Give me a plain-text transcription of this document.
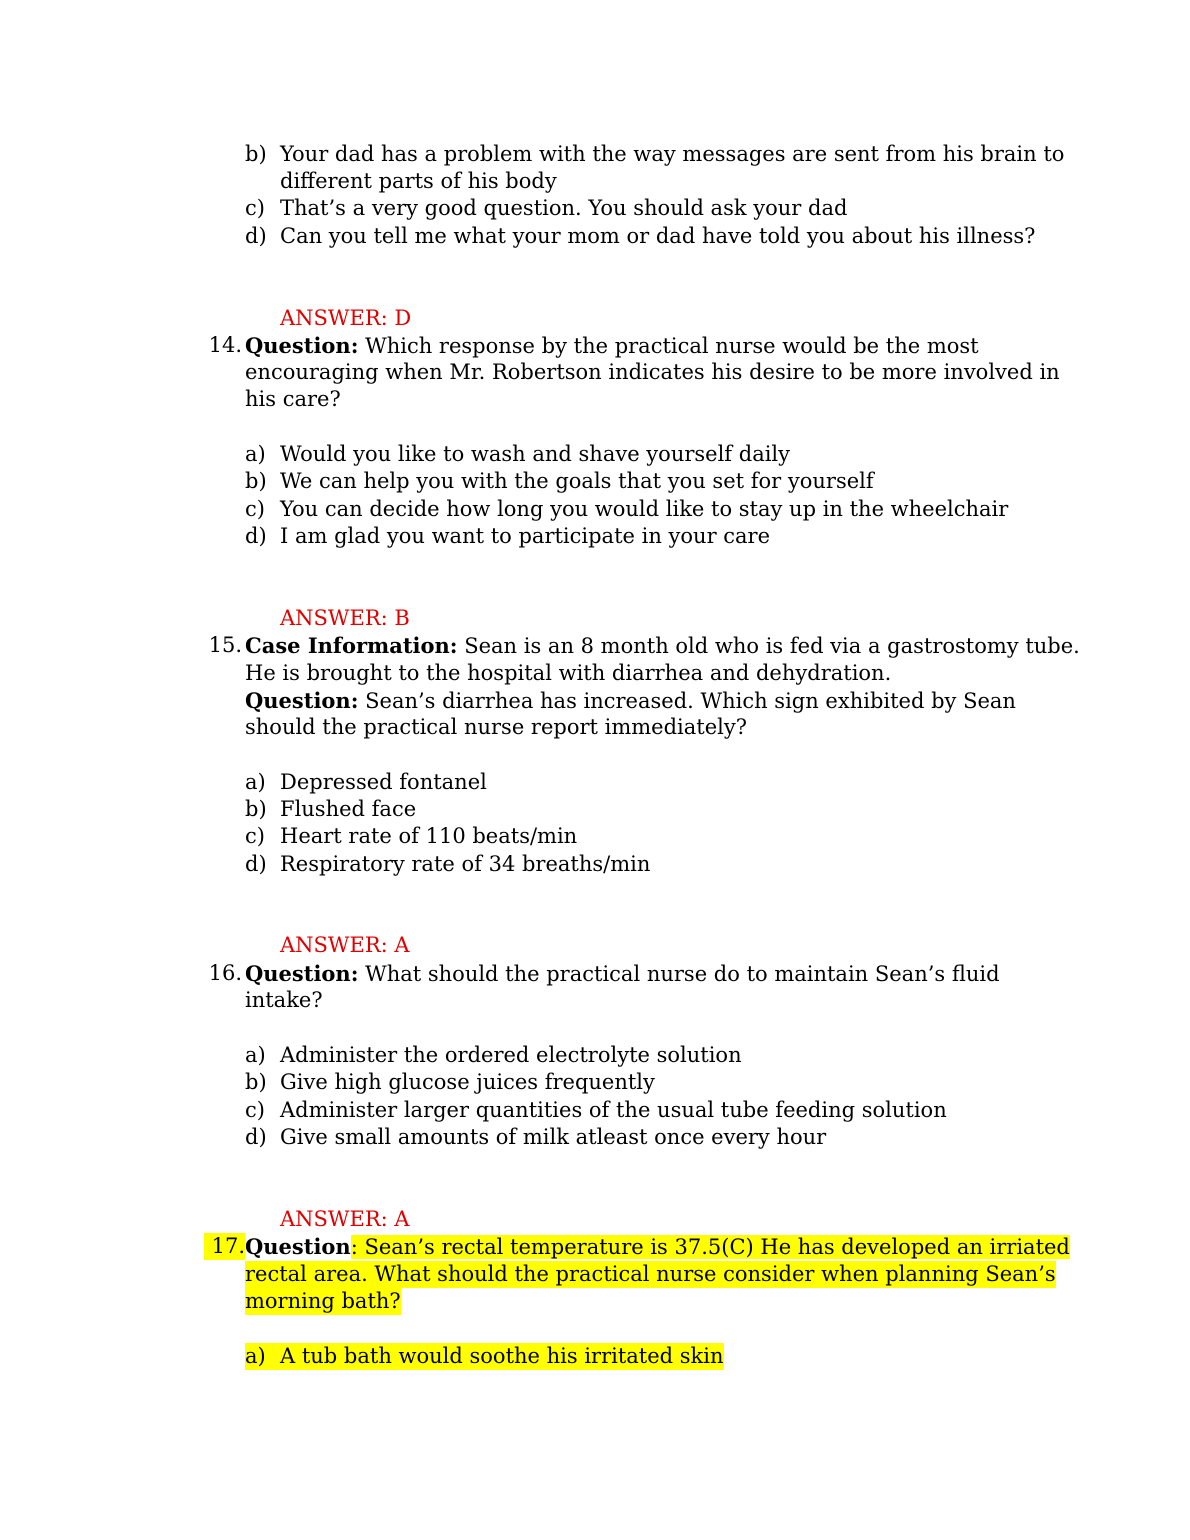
b) Your dad has a problem with the way messages are sent from his brain to
different parts of his body
c) That’s a very good question. You should ask your dad
d) Can you tell me what your mom or dad have told you about his illness?
ANSWER: D
14. Question: Which response by the practical nurse would be the most
encouraging when Mr. Robertson indicates his desire to be more involved in
his care?
a) Would you like to wash and shave yourself daily
b) We can help you with the goals that you set for yourself
c) You can decide how long you would like to stay up in the wheelchair
d) I am glad you want to participate in your care
ANSWER: B
15. Case Information: Sean is an 8 month old who is fed via a gastrostomy tube.
He is brought to the hospital with diarrhea and dehydration.
Question: Sean’s diarrhea has increased. Which sign exhibited by Sean
should the practical nurse report immediately?
a) Depressed fontanel
b) Flushed face
c) Heart rate of 110 beats/min
d) Respiratory rate of 34 breaths/min
ANSWER: A
16. Question: What should the practical nurse do to maintain Sean’s fluid
intake?
a) Administer the ordered electrolyte solution
b) Give high glucose juices frequently
c) Administer larger quantities of the usual tube feeding solution
d) Give small amounts of milk atleast once every hour
ANSWER: A
17. Question: Sean’s rectal temperature is 37.5(C) He has developed an irriated
rectal area. What should the practical nurse consider when planning Sean’s
morning bath?
a) A tub bath would soothe his irritated skin
